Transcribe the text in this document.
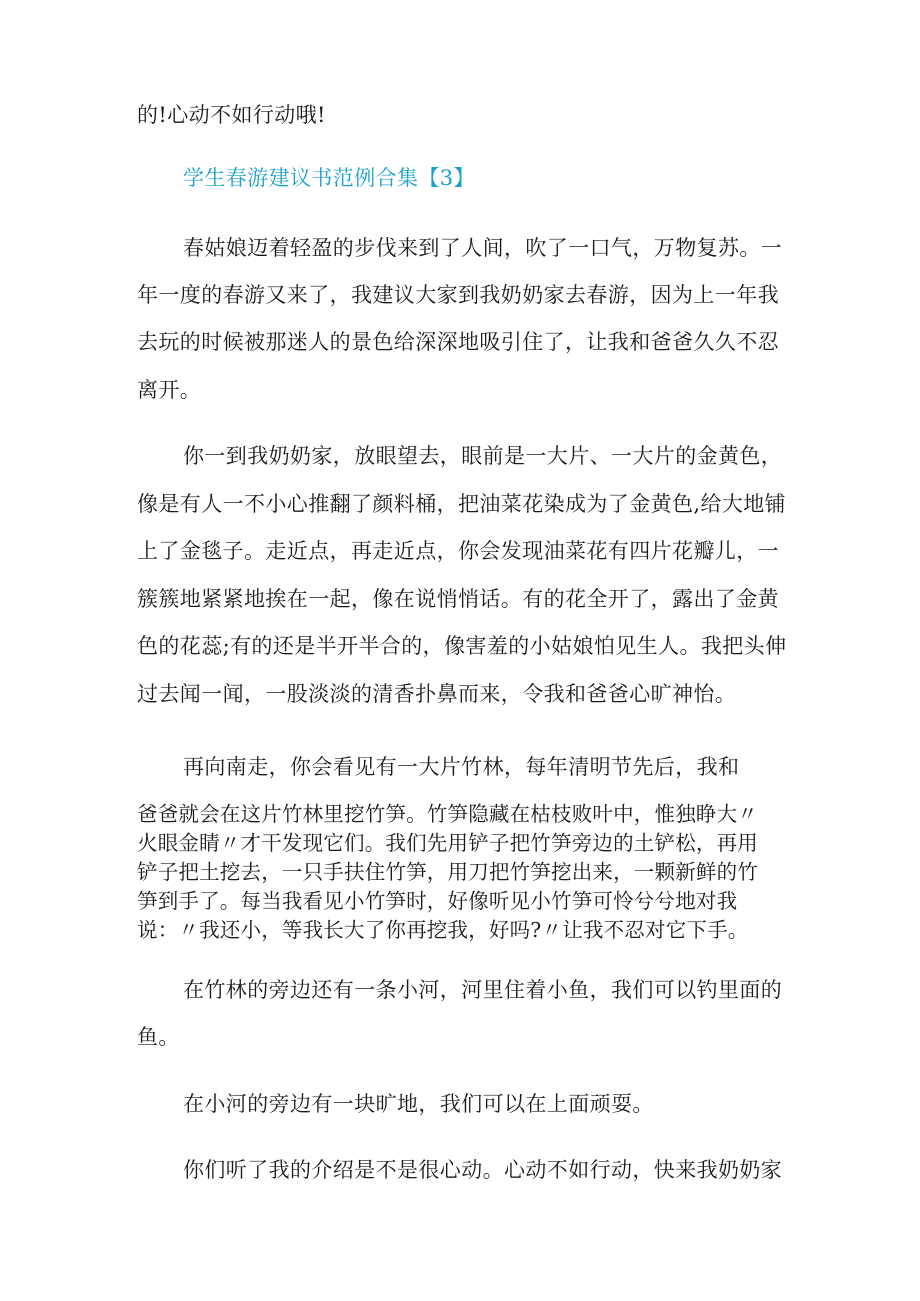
的!心动不如行动哦!
学生春游建议书范例合集【3】
春姑娘迈着轻盈的步伐来到了人间，吹了一口气，万物复苏。一
年一度的春游又来了，我建议大家到我奶奶家去春游，因为上一年我
去玩的时候被那迷人的景色给深深地吸引住了，让我和爸爸久久不忍
离开。
你一到我奶奶家，放眼望去，眼前是一大片、一大片的金黄色，
像是有人一不小心推翻了颜料桶，把油菜花染成为了金黄色,给大地铺
上了金毯子。走近点，再走近点，你会发现油菜花有四片花瓣儿，一
簇簇地紧紧地挨在一起，像在说悄悄话。有的花全开了，露出了金黄
色的花蕊;有的还是半开半合的，像害羞的小姑娘怕见生人。我把头伸
过去闻一闻，一股淡淡的清香扑鼻而来，令我和爸爸心旷神怡。
再向南走，你会看见有一大片竹林，每年清明节先后，我和
爸爸就会在这片竹林里挖竹笋。竹笋隐藏在枯枝败叶中，惟独睁大〃
火眼金睛〃才干发现它们。我们先用铲子把竹笋旁边的土铲松，再用
铲子把土挖去，一只手扶住竹笋，用刀把竹笋挖出来，一颗新鲜的竹
笋到手了。每当我看见小竹笋时，好像听见小竹笋可怜兮兮地对我
说：〃我还小，等我长大了你再挖我，好吗?〃让我不忍对它下手。
在竹林的旁边还有一条小河，河里住着小鱼，我们可以钓里面的
鱼。
在小河的旁边有一块旷地，我们可以在上面顽耍。
你们听了我的介绍是不是很心动。心动不如行动，快来我奶奶家
